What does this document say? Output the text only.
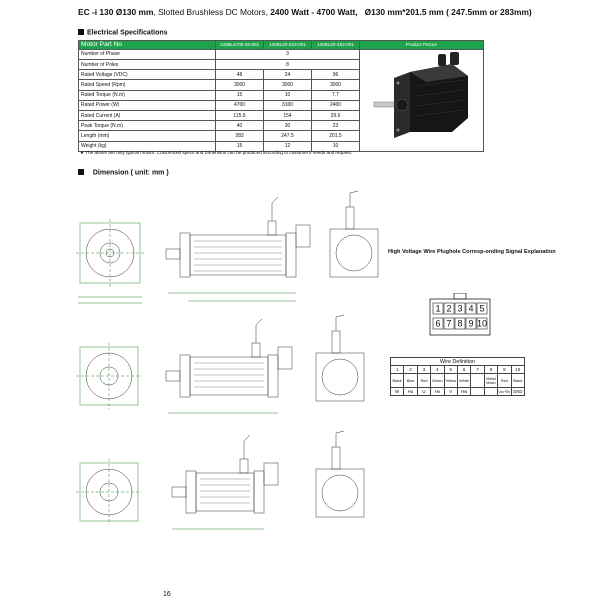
EC -i 130 Ø130 mm, Slotted Brushless DC Motors, 2400 Watt - 4700 Watt, Ø130 mm*201.5 mm ( 247.5mm or 283mm)
Electrical Specifications
Motor Part No	130BL4700-48-001	130BL00-622-001	130BL00-452-001	Product Picture
Number of Phase	3	
Number of Poles	8			
Rated Voltage (VDC)	48	24	96	
Rated Speed (Rpm)	3000	3000	3000	
Rated Torque (N.m)	15	10	7.7	
Rated Power (W)	4700	3100	2400	
Rated Current (A)	115.5	154	29.6	
Peak Torque (N.m)	40	30	23	
Length (mm)	283	247.5	201.5	
Weight (kg)	15	12	10	
★ The above are only typical motors. Customized specs and Dimension can be produced according to customer's needs and request.
Dimension ( unit: mm )
High Voltage Wire Plughole Corresp-onding Signal Explanation
1 2 3 4 5
6 7 8 9 10
Wire Definition									
1	2	3	4	5	6	7	8	9	10
Black	Blue	Red	Green	Yellow	White		Metal Mesh	Red	Black
W	Hu	U	Hv	V	Hw			Vcc+5V	GND
16
